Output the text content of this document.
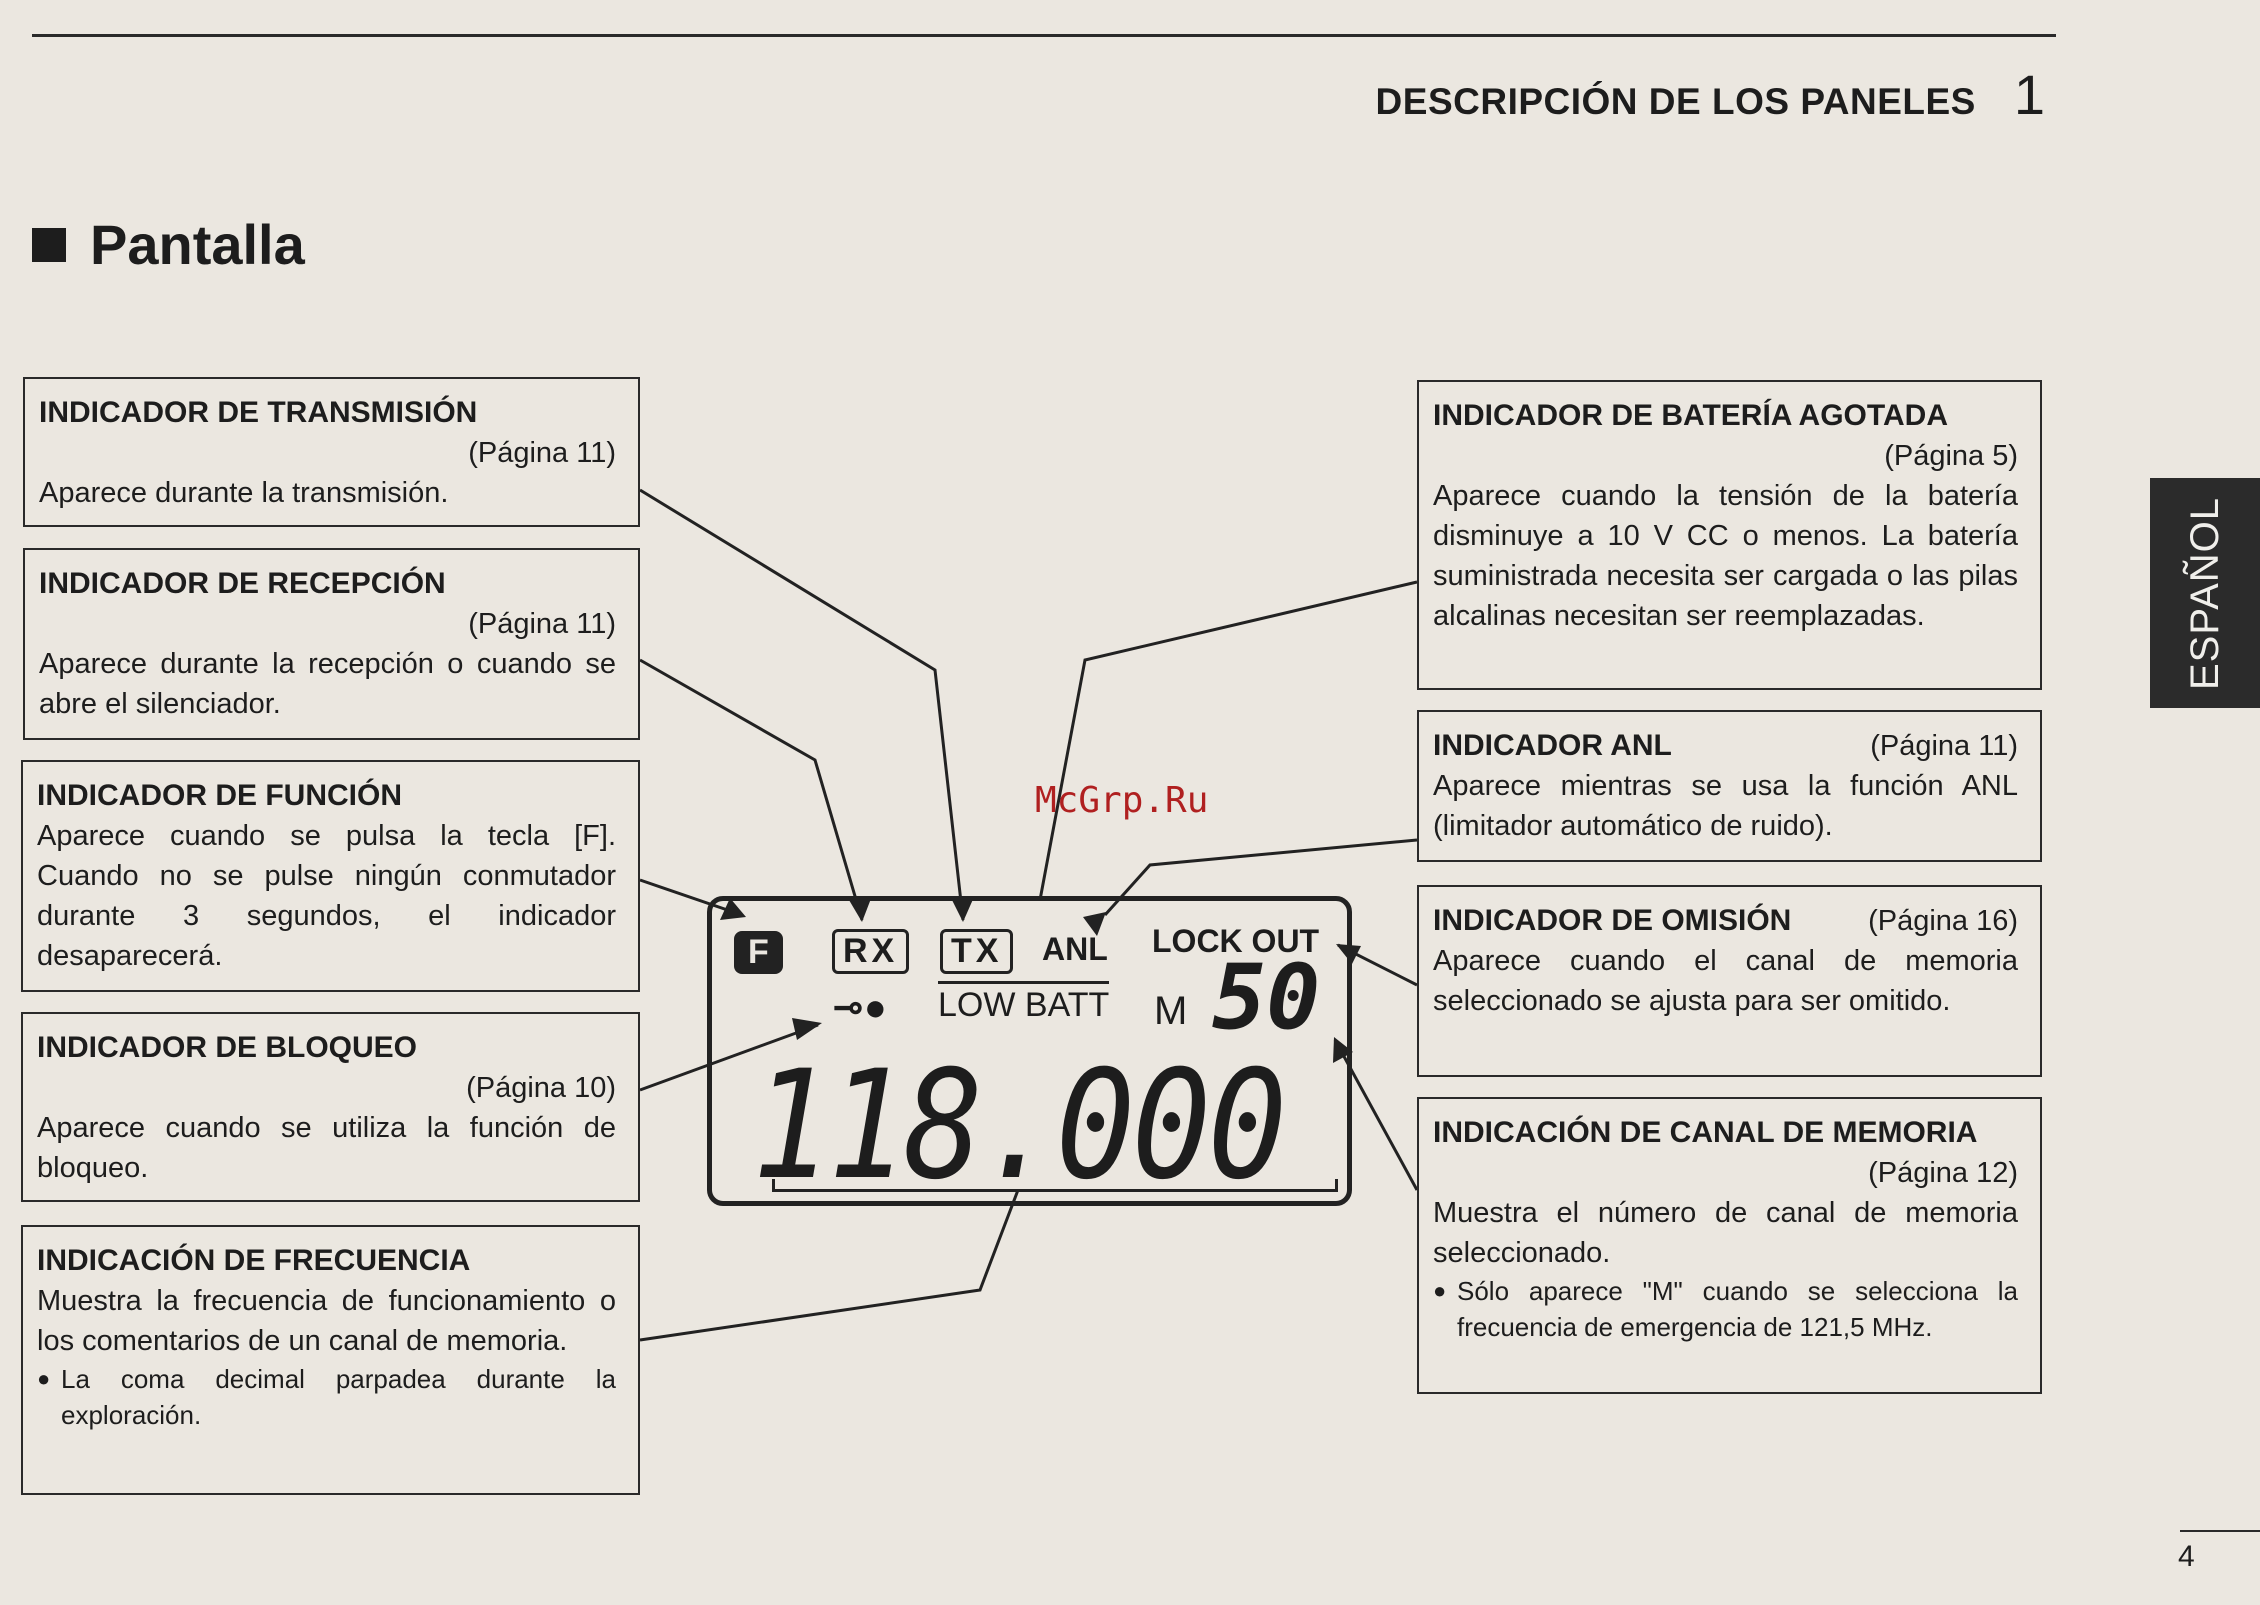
DESCRIPCIÓN DE LOS PANELES 1
Pantalla
ESPAÑOL
INDICADOR DE TRANSMISIÓN
(Página 11)
Aparece durante la transmisión.
INDICADOR DE RECEPCIÓN
(Página 11)
Aparece durante la recepción o cuando se abre el silenciador.
INDICADOR DE FUNCIÓN
Aparece cuando se pulsa la tecla [F]. Cuando no se pulse ningún conmutador durante 3 segundos, el indicador desaparecerá.
INDICADOR DE BLOQUEO
(Página 10)
Aparece cuando se utiliza la función de bloqueo.
INDICACIÓN DE FRECUENCIA
Muestra la frecuencia de funcionamiento o los comentarios de un canal de memoria.
● La coma decimal parpadea durante la exploración.
INDICADOR DE BATERÍA AGOTADA
(Página 5)
Aparece cuando la tensión de la batería disminuye a 10 V CC o menos. La batería suministrada necesita ser cargada o las pilas alcalinas necesitan ser reemplazadas.
INDICADOR ANL	(Página 11)
Aparece mientras se usa la función ANL (limitador automático de ruido).
INDICADOR DE OMISIÓN	(Página 16)
Aparece cuando el canal de memoria seleccionado se ajusta para ser omitido.
INDICACIÓN DE CANAL DE MEMORIA
(Página 12)
Muestra el número de canal de memoria seleccionado.
● Sólo aparece "M" cuando se selecciona la frecuencia de emergencia de 121,5 MHz.
F	RX	TX	ANL LOCK OUT
⊸● LOW BATT M 50
118.000
McGrp.Ru
4
